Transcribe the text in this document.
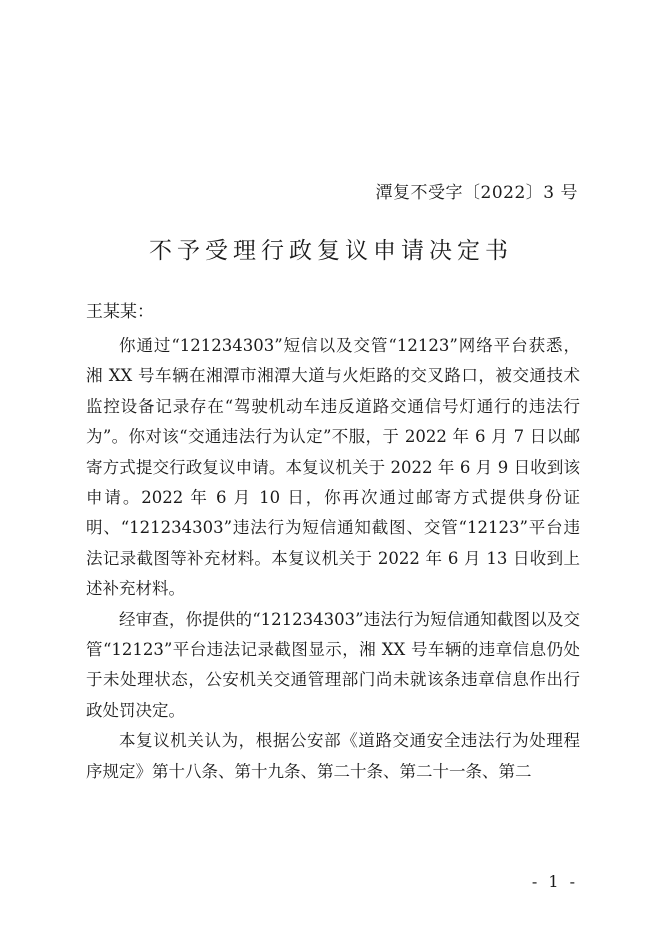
潭复不受字〔2022〕3 号
不予受理行政复议申请决定书
王某某：

你通过“121234303”短信以及交管“12123”网络平台获悉，湘 XX 号车辆在湘潭市湘潭大道与火炬路的交叉路口，被交通技术监控设备记录存在“驾驶机动车违反道路交通信号灯通行的违法行为”。你对该“交通违法行为认定”不服，于 2022 年 6 月 7 日以邮寄方式提交行政复议申请。本复议机关于 2022 年 6 月 9 日收到该申请。2022 年 6 月 10 日，你再次通过邮寄方式提供身份证明、“121234303”违法行为短信通知截图、交管“12123”平台违法记录截图等补充材料。本复议机关于 2022 年 6 月 13 日收到上述补充材料。

经审查，你提供的“121234303”违法行为短信通知截图以及交管“12123”平台违法记录截图显示，湘 XX 号车辆的违章信息仍处于未处理状态，公安机关交通管理部门尚未就该条违章信息作出行政处罚决定。

本复议机关认为，根据公安部《道路交通安全违法行为处理程序规定》第十八条、第十九条、第二十条、第二十一条、第二

- 1 -
